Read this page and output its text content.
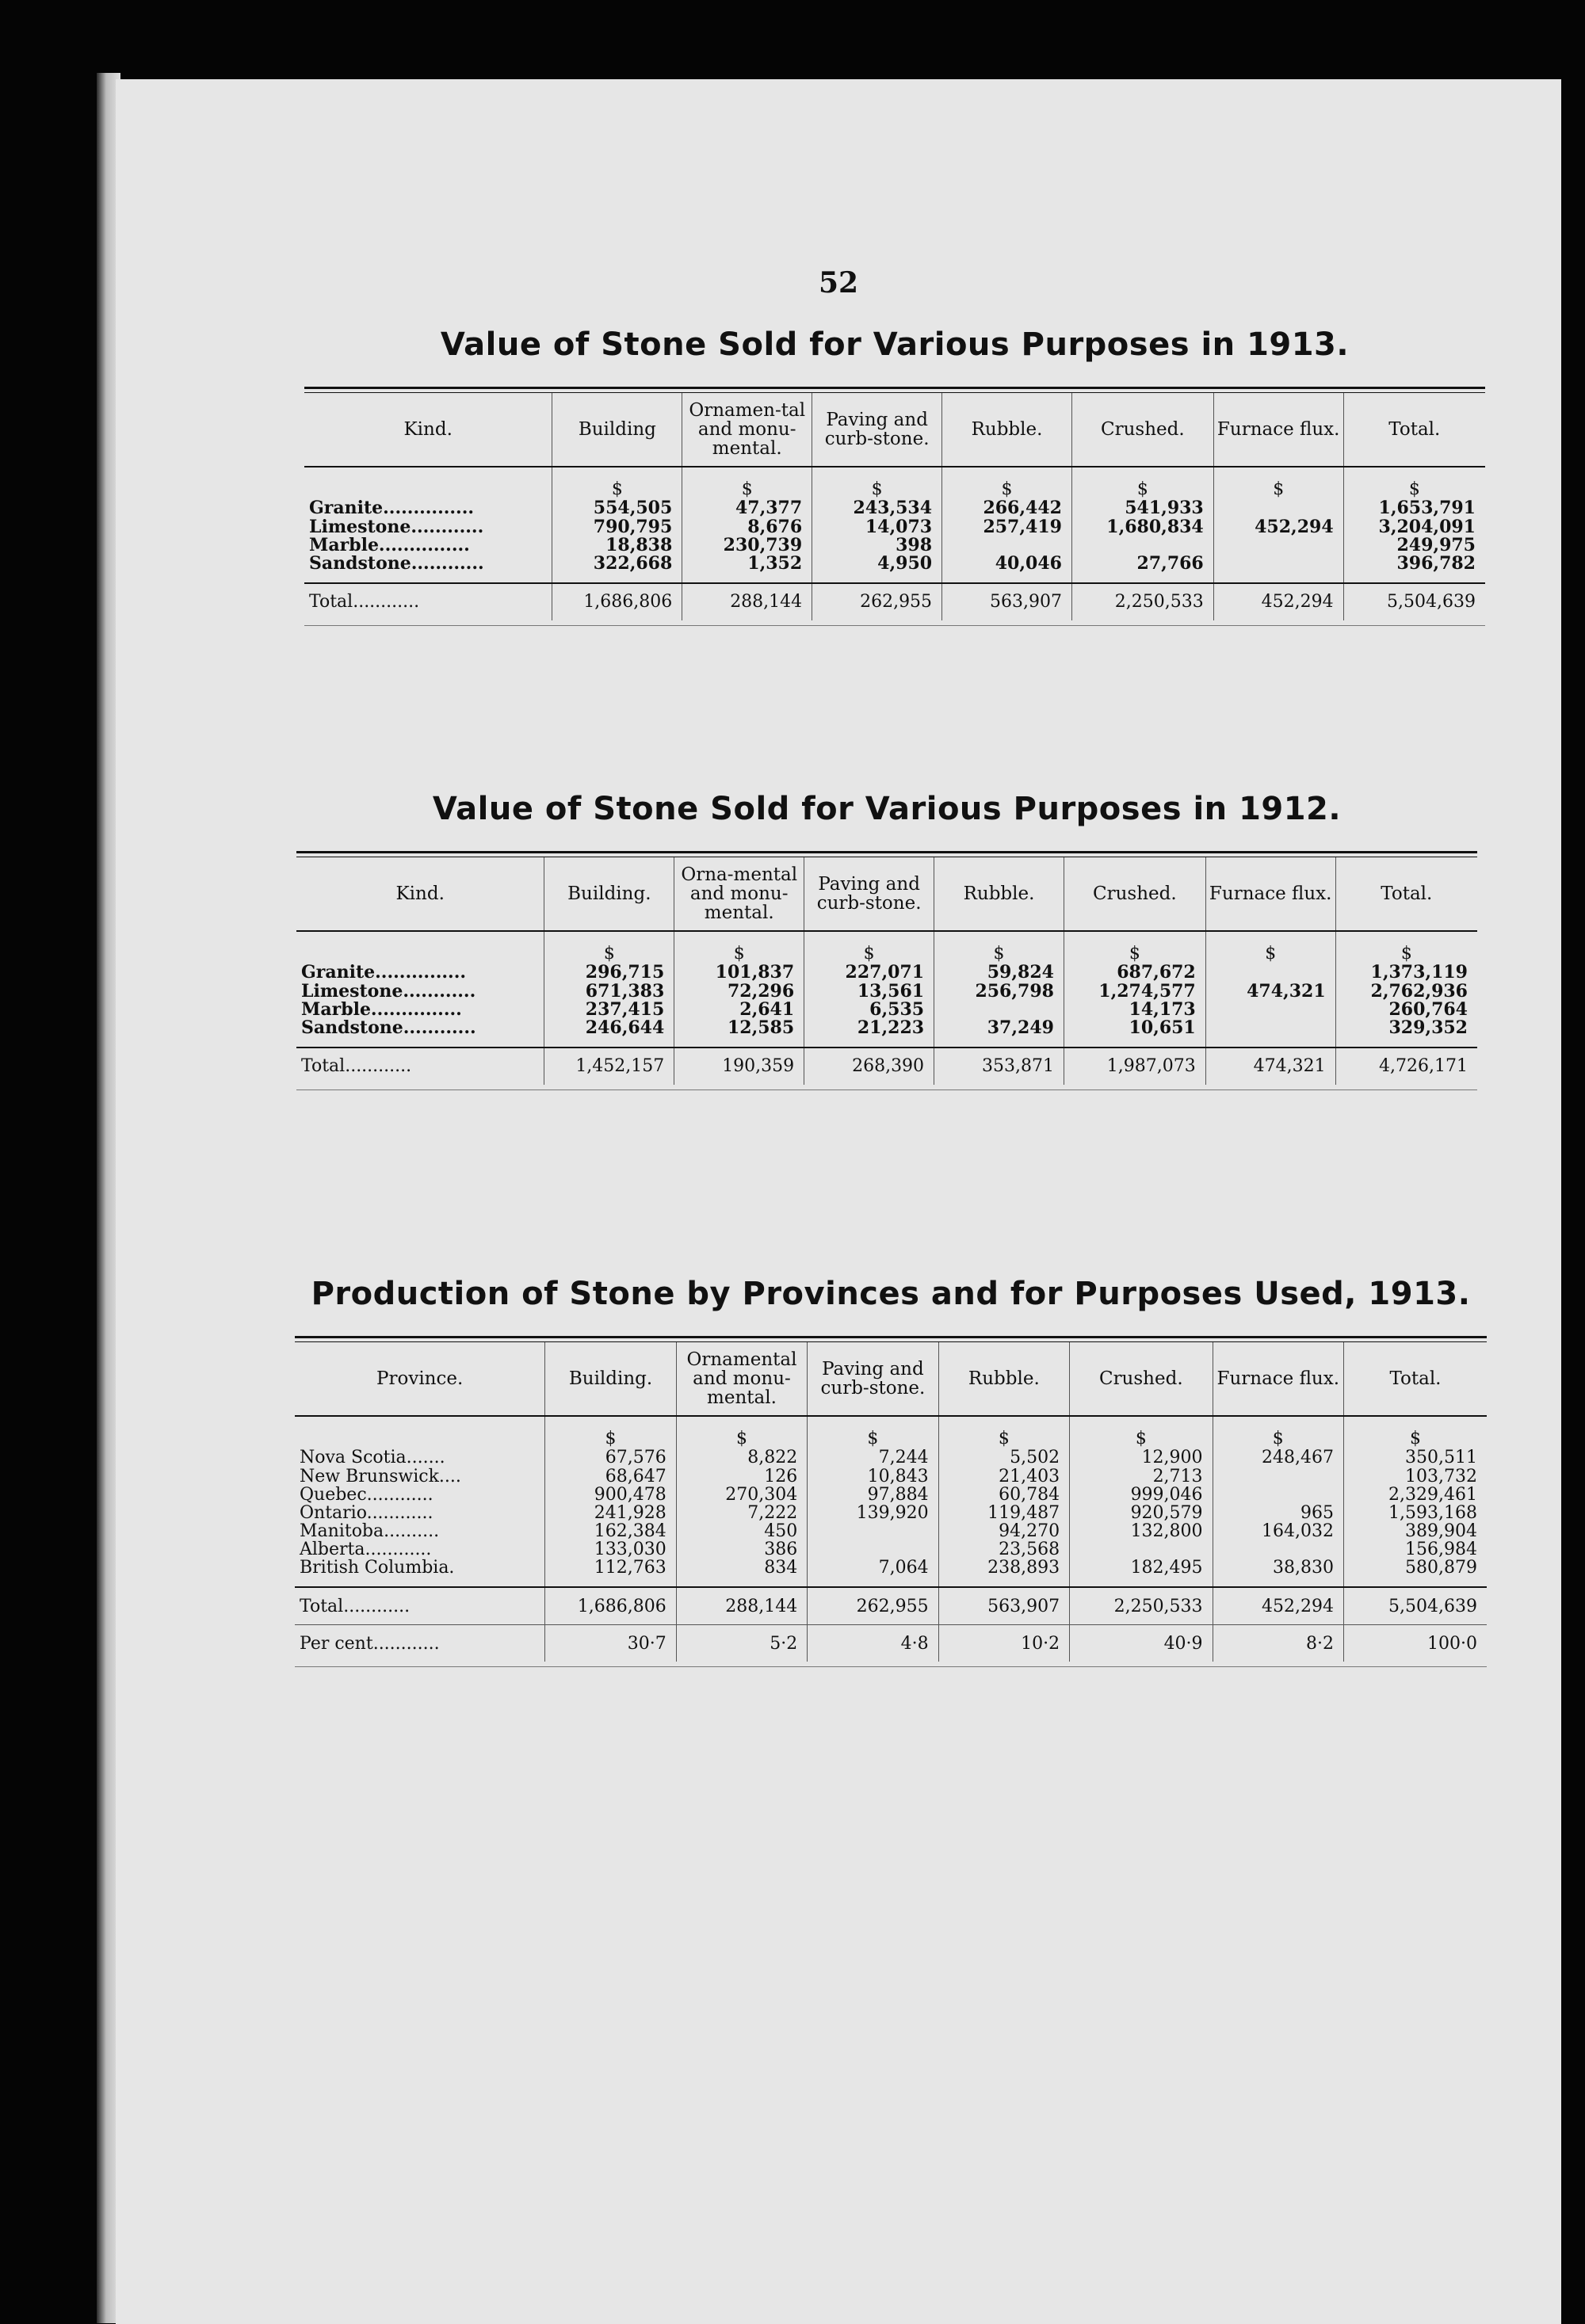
52
Value of Stone Sold for Various Purposes in 1913.
Kind.	Building	Ornamen-tal and monu-mental.	Paving and curb-stone.	Rubble.	Crushed.	Furnace flux.	Total.
	$	$	$	$	$	$	$
Granite...............	554,505	47,377	243,534	266,442	541,933		1,653,791
Limestone............	790,795	8,676	14,073	257,419	1,680,834	452,294	3,204,091
Marble...............	18,838	230,739	398				249,975
Sandstone............	322,668	1,352	4,950	40,046	27,766		396,782

Total............	1,686,806	288,144	262,955	563,907	2,250,533	452,294	5,504,639
Value of Stone Sold for Various Purposes in 1912.
Kind.	Building.	Orna-mental and monu-mental.	Paving and curb-stone.	Rubble.	Crushed.	Furnace flux.	Total.
	$	$	$	$	$	$	$
Granite...............	296,715	101,837	227,071	59,824	687,672		1,373,119
Limestone............	671,383	72,296	13,561	256,798	1,274,577	474,321	2,762,936
Marble...............	237,415	2,641	6,535		14,173		260,764
Sandstone............	246,644	12,585	21,223	37,249	10,651		329,352

Total............	1,452,157	190,359	268,390	353,871	1,987,073	474,321	4,726,171
Production of Stone by Provinces and for Purposes Used, 1913.
Province.	Building.	Ornamental and monu-mental.	Paving and curb-stone.	Rubble.	Crushed.	Furnace flux.	Total.
	$	$	$	$	$	$	$
Nova Scotia.......	67,576	8,822	7,244	5,502	12,900	248,467	350,511
New Brunswick....	68,647	126	10,843	21,403	2,713		103,732
Quebec............	900,478	270,304	97,884	60,784	999,046		2,329,461
Ontario............	241,928	7,222	139,920	119,487	920,579	965	1,593,168
Manitoba..........	162,384	450		94,270	132,800	164,032	389,904
Alberta............	133,030	386		23,568			156,984
British Columbia.	112,763	834	7,064	238,893	182,495	38,830	580,879

Total............	1,686,806	288,144	262,955	563,907	2,250,533	452,294	5,504,639
Per cent............	30·7	5·2	4·8	10·2	40·9	8·2	100·0
